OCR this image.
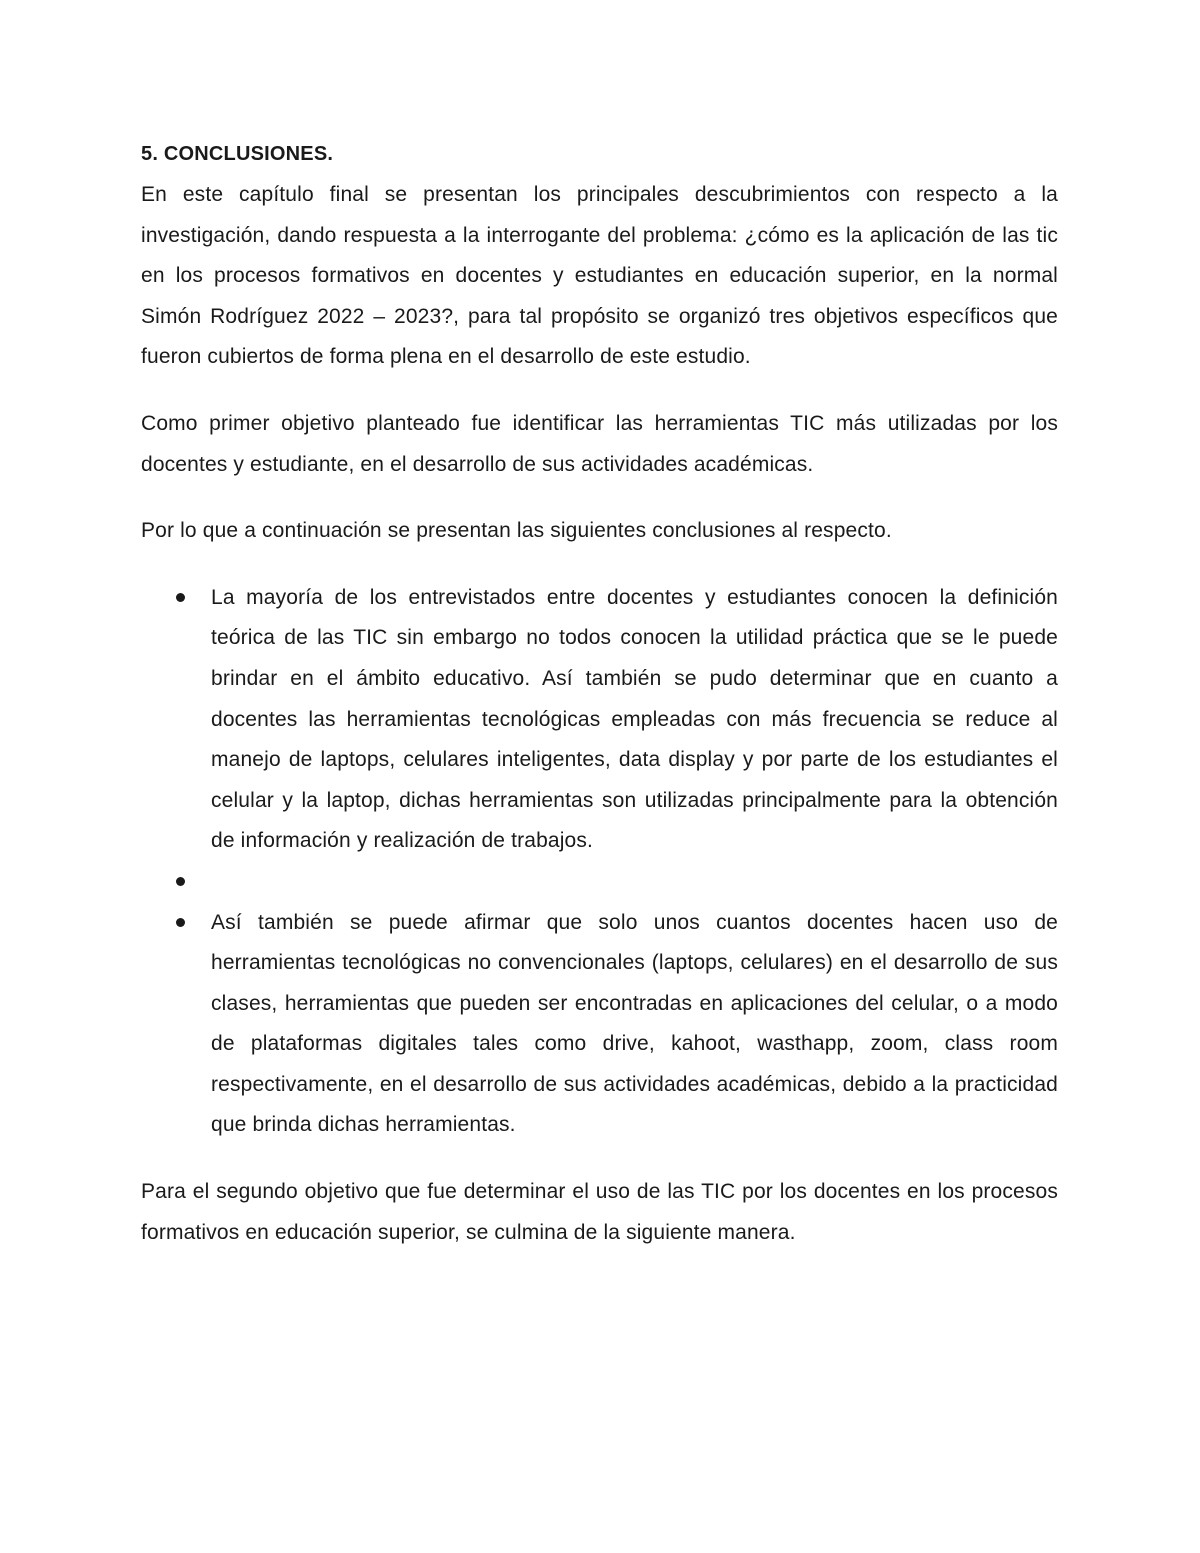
5. CONCLUSIONES.

En este capítulo final se presentan los principales descubrimientos con respecto a la investigación, dando respuesta a la interrogante del problema: ¿cómo es la aplicación de las tic en los procesos formativos en docentes y estudiantes en educación superior, en la normal Simón Rodríguez 2022 – 2023?, para tal propósito se organizó tres objetivos específicos que fueron cubiertos de forma plena en el desarrollo de este estudio.

Como primer objetivo planteado fue identificar las herramientas TIC más utilizadas por los docentes y estudiante, en el desarrollo de sus actividades académicas.

Por lo que a continuación se presentan las siguientes conclusiones al respecto.

La mayoría de los entrevistados entre docentes y estudiantes conocen la definición teórica de las TIC sin embargo no todos conocen la utilidad práctica que se le puede brindar en el ámbito educativo. Así también se pudo determinar que en cuanto a docentes las herramientas tecnológicas empleadas con más frecuencia se reduce al manejo de laptops, celulares inteligentes, data display y por parte de los estudiantes el celular y la laptop, dichas herramientas son utilizadas principalmente para la obtención de información y realización de trabajos.
Así también se puede afirmar que solo unos cuantos docentes hacen uso de herramientas tecnológicas no convencionales (laptops, celulares) en el desarrollo de sus clases, herramientas que pueden ser encontradas en aplicaciones del celular, o a modo de plataformas digitales tales como drive, kahoot, wasthapp, zoom, class room respectivamente, en el desarrollo de sus actividades académicas, debido a la practicidad que brinda dichas herramientas.

Para el segundo objetivo que fue determinar el uso de las TIC por los docentes en los procesos formativos en educación superior, se culmina de la siguiente manera.
